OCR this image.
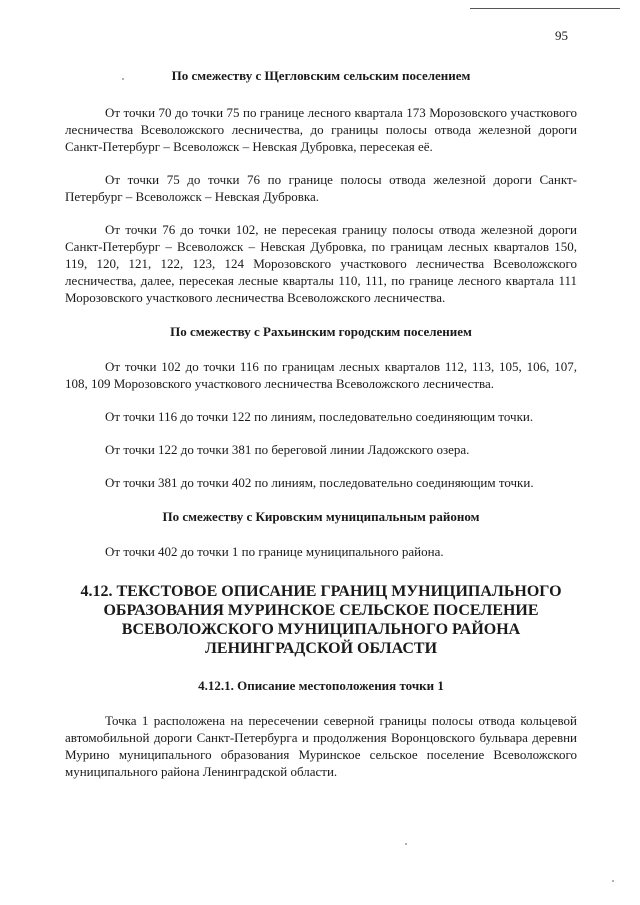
95
По смежеству с Щегловским сельским поселением

От точки 70 до точки 75 по границе лесного квартала 173 Морозовского участкового лесничества Всеволожского лесничества, до границы полосы отвода железной дороги Санкт-Петербург – Всеволожск – Невская Дубровка, пересекая её.

От точки 75 до точки 76 по границе полосы отвода железной дороги Санкт-Петербург – Всеволожск – Невская Дубровка.

От точки 76 до точки 102, не пересекая границу полосы отвода железной дороги Санкт-Петербург – Всеволожск – Невская Дубровка, по границам лесных кварталов 150, 119, 120, 121, 122, 123, 124 Морозовского участкового лесничества Всеволожского лесничества, далее, пересекая лесные кварталы 110, 111, по границе лесного квартала 111 Морозовского участкового лесничества Всеволожского лесничества.

По смежеству с Рахьинским городским поселением

От точки 102 до точки 116 по границам лесных кварталов 112, 113, 105, 106, 107, 108, 109 Морозовского участкового лесничества Всеволожского лесничества.

От точки 116 до точки 122 по линиям, последовательно соединяющим точки.

От точки 122 до точки 381 по береговой линии Ладожского озера.

От точки 381 до точки 402 по линиям, последовательно соединяющим точки.

По смежеству с Кировским муниципальным районом

От точки 402 до точки 1 по границе муниципального района.

4.12. ТЕКСТОВОЕ ОПИСАНИЕ ГРАНИЦ МУНИЦИПАЛЬНОГО

ОБРАЗОВАНИЯ МУРИНСКОЕ СЕЛЬСКОЕ ПОСЕЛЕНИЕ

ВСЕВОЛОЖСКОГО МУНИЦИПАЛЬНОГО РАЙОНА

ЛЕНИНГРАДСКОЙ ОБЛАСТИ

4.12.1. Описание местоположения точки 1

Точка 1 расположена на пересечении северной границы полосы отвода кольцевой автомобильной дороги Санкт-Петербурга и продолжения Воронцовского бульвара деревни Мурино муниципального образования Муринское сельское поселение Всеволожского муниципального района Ленинградской области.
